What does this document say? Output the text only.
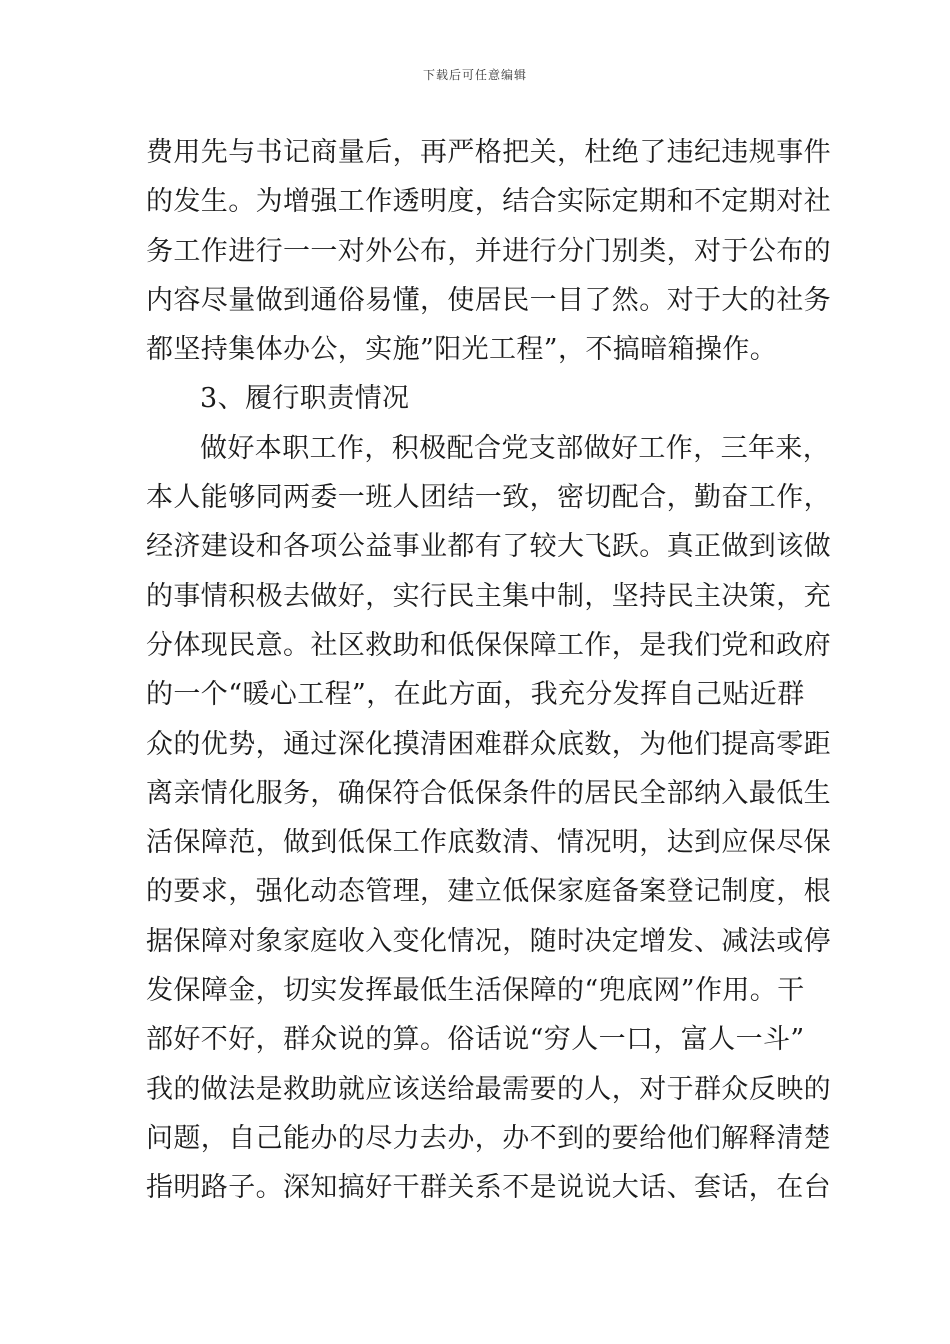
下载后可任意编辑
费用先与书记商量后，再严格把关，杜绝了违纪违规事件
的发生。为增强工作透明度，结合实际定期和不定期对社
务工作进行一一对外公布，并进行分门别类，对于公布的
内容尽量做到通俗易懂，使居民一目了然。对于大的社务
都坚持集体办公，实施”阳光工程”，不搞暗箱操作。
3、履行职责情况
做好本职工作，积极配合党支部做好工作，三年来，
本人能够同两委一班人团结一致，密切配合，勤奋工作，
经济建设和各项公益事业都有了较大飞跃。真正做到该做
的事情积极去做好，实行民主集中制，坚持民主决策，充
分体现民意。社区救助和低保保障工作，是我们党和政府
的一个“暖心工程”，在此方面，我充分发挥自己贴近群
众的优势，通过深化摸清困难群众底数，为他们提高零距
离亲情化服务，确保符合低保条件的居民全部纳入最低生
活保障范，做到低保工作底数清、情况明，达到应保尽保
的要求，强化动态管理，建立低保家庭备案登记制度，根
据保障对象家庭收入变化情况，随时决定增发、减法或停
发保障金，切实发挥最低生活保障的“兜底网”作用。干
部好不好，群众说的算。俗话说“穷人一口，富人一斗”
我的做法是救助就应该送给最需要的人，对于群众反映的
问题，自己能办的尽力去办，办不到的要给他们解释清楚
指明路子。深知搞好干群关系不是说说大话、套话，在台
